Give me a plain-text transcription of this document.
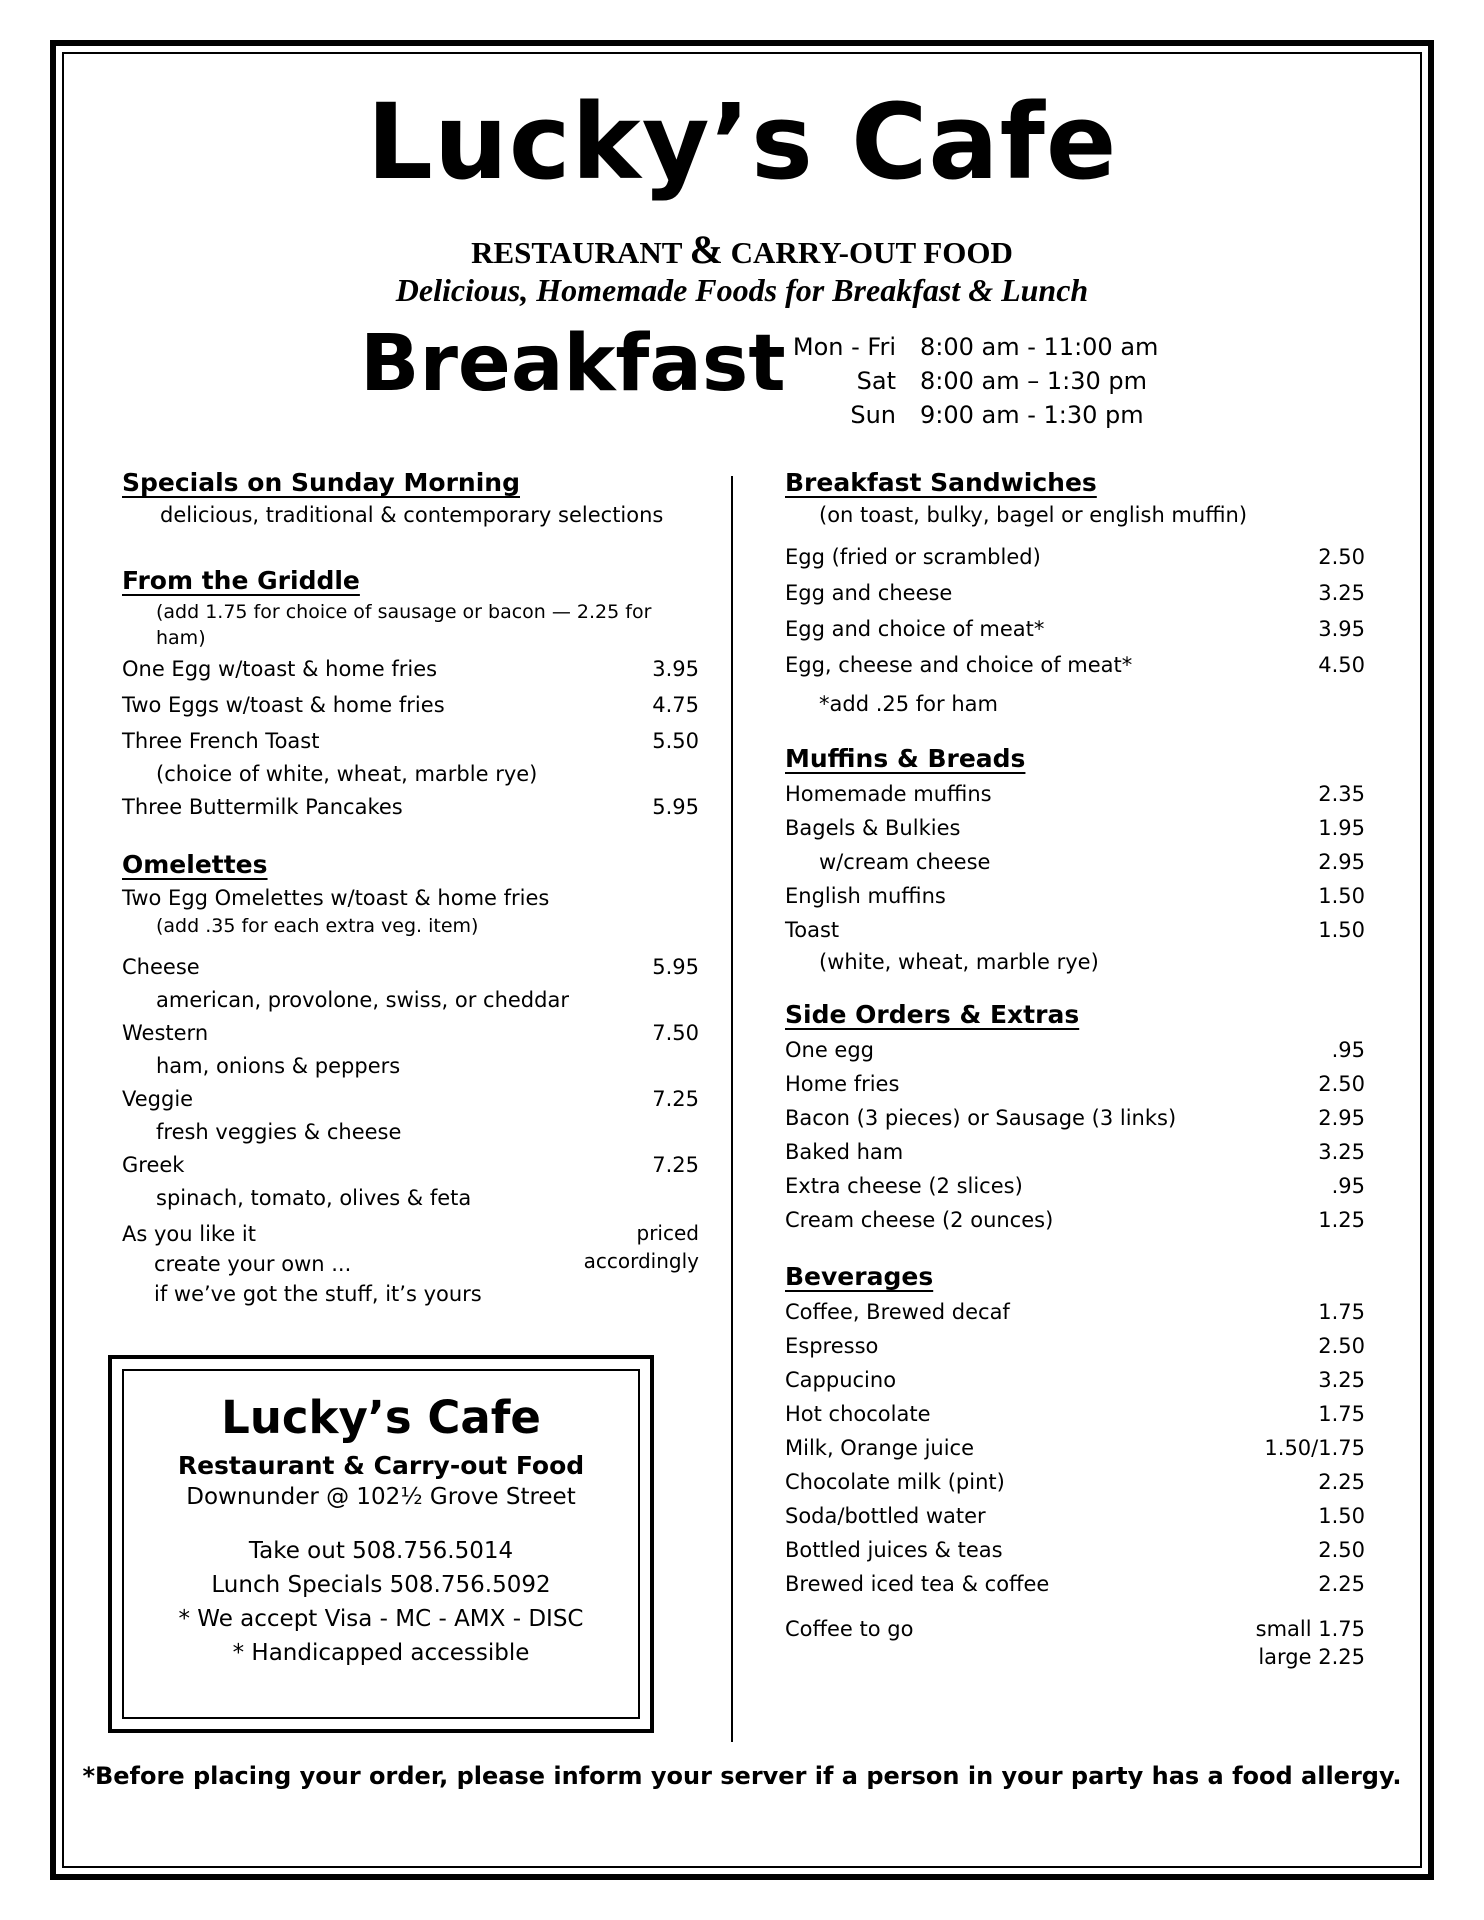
Lucky’s Cafe
RESTAURANT & CARRY-OUT FOOD
Delicious, Homemade Foods for Breakfast & Lunch
Breakfast Mon - Fri 8:00 am - 11:00 am
Sat 8:00 am – 1:30 pm
Sun 9:00 am - 1:30 pm
Specials on Sunday Morning
delicious, traditional & contemporary selections
From the Griddle
(add 1.75 for choice of sausage or bacon — 2.25 for ham)
One Egg w/toast & home fries	3.95
Two Eggs w/toast & home fries	4.75
Three French Toast	5.50
(choice of white, wheat, marble rye)
Three Buttermilk Pancakes	5.95
Omelettes
Two Egg Omelettes w/toast & home fries
(add .35 for each extra veg. item)
Cheese	5.95
american, provolone, swiss, or cheddar
Western	7.50
ham, onions & peppers
Veggie	7.25
fresh veggies & cheese
Greek	7.25
spinach, tomato, olives & feta
As you like it
create your own ...
if we’ve got the stuff, it’s yours
priced
accordingly
Lucky’s Cafe
Restaurant & Carry-out Food
Downunder @ 102½ Grove Street
Take out 508.756.5014
Lunch Specials 508.756.5092
* We accept Visa - MC - AMX - DISC
* Handicapped accessible
Breakfast Sandwiches
(on toast, bulky, bagel or english muffin)
Egg (fried or scrambled)	2.50
Egg and cheese	3.25
Egg and choice of meat*	3.95
Egg, cheese and choice of meat*	4.50
*add .25 for ham
Muffins & Breads
Homemade muffins	2.35
Bagels & Bulkies	1.95
w/cream cheese	2.95
English muffins	1.50
Toast	1.50
(white, wheat, marble rye)
Side Orders & Extras
One egg	.95
Home fries	2.50
Bacon (3 pieces) or Sausage (3 links)	2.95
Baked ham	3.25
Extra cheese (2 slices)	.95
Cream cheese (2 ounces)	1.25
Beverages
Coffee, Brewed decaf	1.75
Espresso	2.50
Cappucino	3.25
Hot chocolate	1.75
Milk, Orange juice	1.50/1.75
Chocolate milk (pint)	2.25
Soda/bottled water	1.50
Bottled juices & teas	2.50
Brewed iced tea & coffee	2.25
Coffee to go	small 1.75
large 2.25
*Before placing your order, please inform your server if a person in your party has a food allergy.
